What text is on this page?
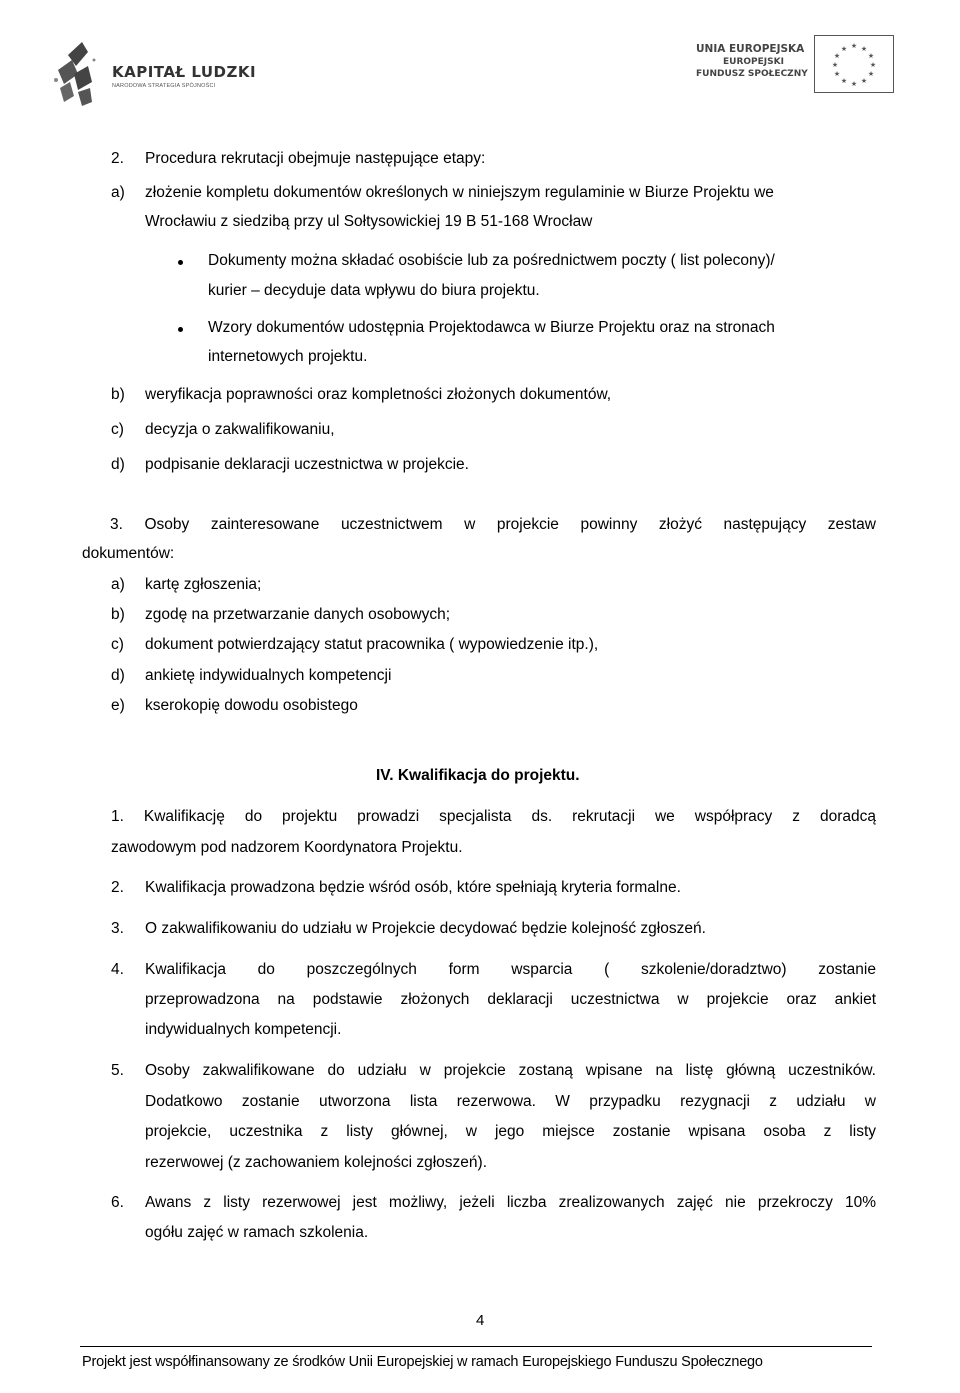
KAPITAŁ LUDZKI
NARODOWA STRATEGIA SPÓJNOŚCI
UNIA EUROPEJSKA
EUROPEJSKI
FUNDUSZ SPOŁECZNY
★ ★
★
★
★
★
★
★
★
★
★
★
2. Procedura rekrutacji obejmuje następujące etapy:
a) złożenie kompletu dokumentów określonych w niniejszym regulaminie w Biurze Projektu we
Wrocławiu z siedzibą przy ul Sołtysowickiej 19 B 51-168 Wrocław
Dokumenty można składać osobiście lub za pośrednictwem poczty ( list polecony)/
kurier – decyduje data wpływu do biura projektu.
Wzory dokumentów udostępnia Projektodawca w Biurze Projektu oraz na stronach
internetowych projektu.
b) weryfikacja poprawności oraz kompletności złożonych dokumentów,
c) decyzja o zakwalifikowaniu,
d) podpisanie deklaracji uczestnictwa w projekcie.
3. Osoby zainteresowane uczestnictwem w projekcie powinny złożyć następujący zestaw
dokumentów:
a) kartę zgłoszenia;
b) zgodę na przetwarzanie danych osobowych;
c) dokument potwierdzający statut pracownika ( wypowiedzenie itp.),
d) ankietę indywidualnych kompetencji
e) kserokopię dowodu osobistego
IV. Kwalifikacja do projektu.
1. Kwalifikację do projektu prowadzi specjalista ds. rekrutacji we współpracy z doradcą
zawodowym pod nadzorem Koordynatora Projektu.
2. Kwalifikacja prowadzona będzie wśród osób, które spełniają kryteria formalne.
3. O zakwalifikowaniu do udziału w Projekcie decydować będzie kolejność zgłoszeń.
4. Kwalifikacja do poszczególnych form wsparcia ( szkolenie/doradztwo) zostanie
przeprowadzona na podstawie złożonych deklaracji uczestnictwa w projekcie oraz ankiet
indywidualnych kompetencji.
5. Osoby zakwalifikowane do udziału w projekcie zostaną wpisane na listę główną uczestników.
Dodatkowo zostanie utworzona lista rezerwowa. W przypadku rezygnacji z udziału w
projekcie, uczestnika z listy głównej, w jego miejsce zostanie wpisana osoba z listy
rezerwowej (z zachowaniem kolejności zgłoszeń).
6. Awans z listy rezerwowej jest możliwy, jeżeli liczba zrealizowanych zajęć nie przekroczy 10%
ogółu zajęć w ramach szkolenia.
4
Projekt jest współfinansowany ze środków Unii Europejskiej w ramach Europejskiego Funduszu Społecznego
